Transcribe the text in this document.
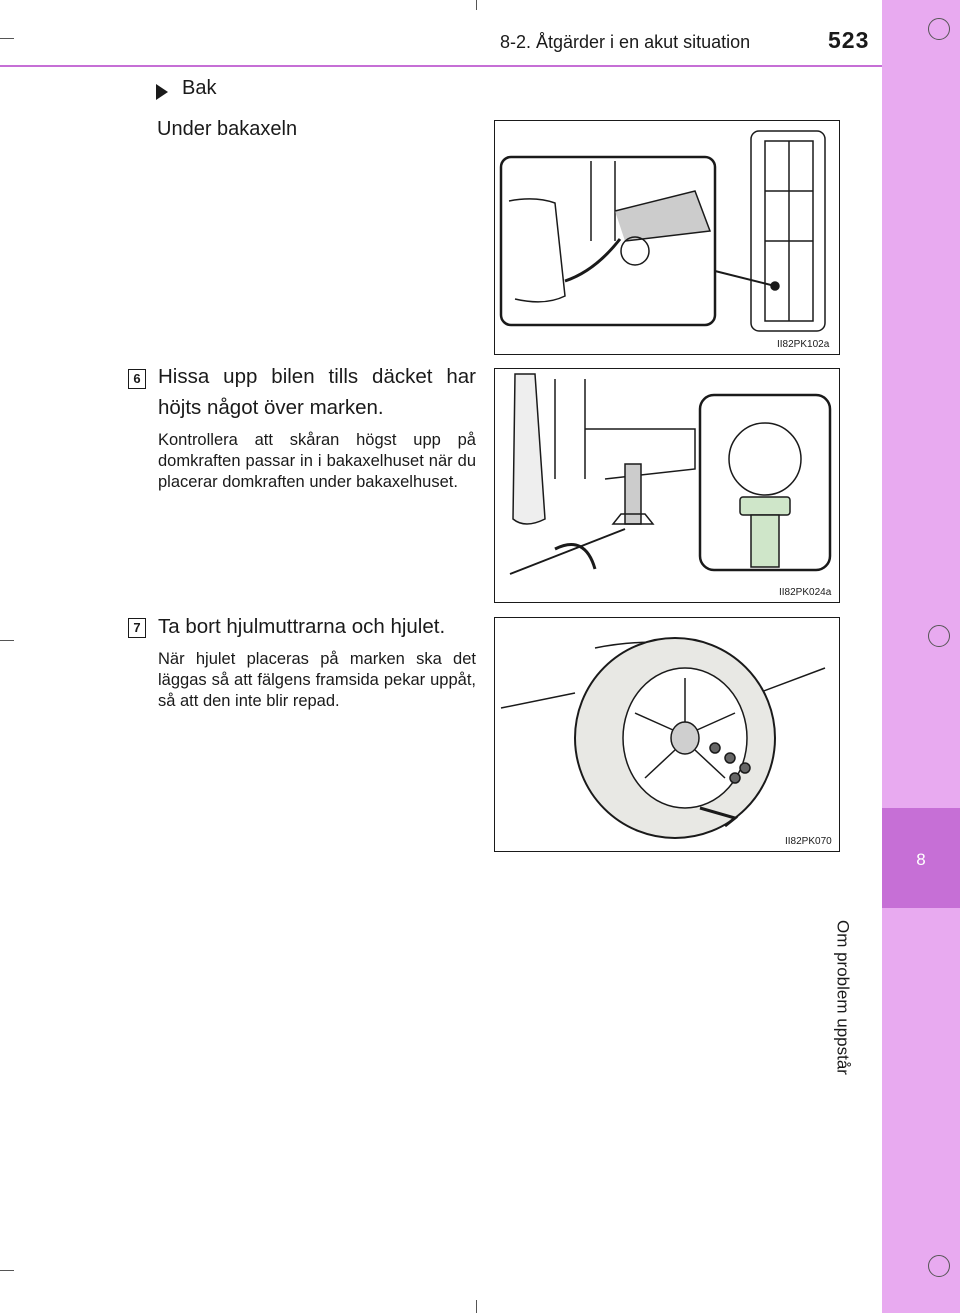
8
Om problem uppstår
8-2. Åtgärder i en akut situation	523
Bak
Under bakaxeln
6 Hissa upp bilen tills däcket har höjts något över marken.
Kontrollera att skåran högst upp på domkraften passar in i bakaxelhuset när du placerar domkraften under bakaxelhuset.
7 Ta bort hjulmuttrarna och hjulet.
När hjulet placeras på marken ska det läggas så att fälgens framsida pekar uppåt, så att den inte blir repad.
II82PK102a
II82PK024a
II82PK070
